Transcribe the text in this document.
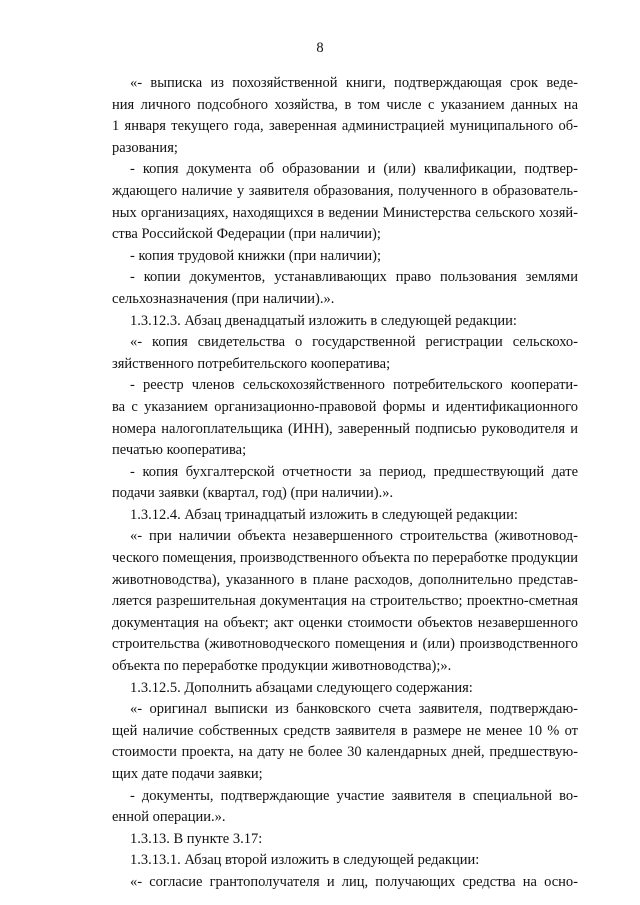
8
«- выписка из похозяйственной книги, подтверждающая срок веде-
ния личного подсобного хозяйства, в том числе с указанием данных на
1 января текущего года, заверенная администрацией муниципального об-
разования;
- копия документа об образовании и (или) квалификации, подтвер-
ждающего наличие у заявителя образования, полученного в образователь-
ных организациях, находящихся в ведении Министерства сельского хозяй-
ства Российской Федерации (при наличии);
- копия трудовой книжки (при наличии);
- копии документов, устанавливающих право пользования землями
сельхозназначения (при наличии).».
1.3.12.3. Абзац двенадцатый изложить в следующей редакции:
«- копия свидетельства о государственной регистрации сельскохо-
зяйственного потребительского кооператива;
- реестр членов сельскохозяйственного потребительского кооперати-
ва с указанием организационно-правовой формы и идентификационного
номера налогоплательщика (ИНН), заверенный подписью руководителя и
печатью кооператива;
- копия бухгалтерской отчетности за период, предшествующий дате
подачи заявки (квартал, год) (при наличии).».
1.3.12.4. Абзац тринадцатый изложить в следующей редакции:
«- при наличии объекта незавершенного строительства (животновод-
ческого помещения, производственного объекта по переработке продукции
животноводства), указанного в плане расходов, дополнительно представ-
ляется разрешительная документация на строительство; проектно-сметная
документация на объект; акт оценки стоимости объектов незавершенного
строительства (животноводческого помещения и (или) производственного
объекта по переработке продукции животноводства);».
1.3.12.5. Дополнить абзацами следующего содержания:
«- оригинал выписки из банковского счета заявителя, подтверждаю-
щей наличие собственных средств заявителя в размере не менее 10 % от
стоимости проекта, на дату не более 30 календарных дней, предшествую-
щих дате подачи заявки;
- документы, подтверждающие участие заявителя в специальной во-
енной операции.».
1.3.13. В пункте 3.17:
1.3.13.1. Абзац второй изложить в следующей редакции:
«- согласие грантополучателя и лиц, получающих средства на осно-
